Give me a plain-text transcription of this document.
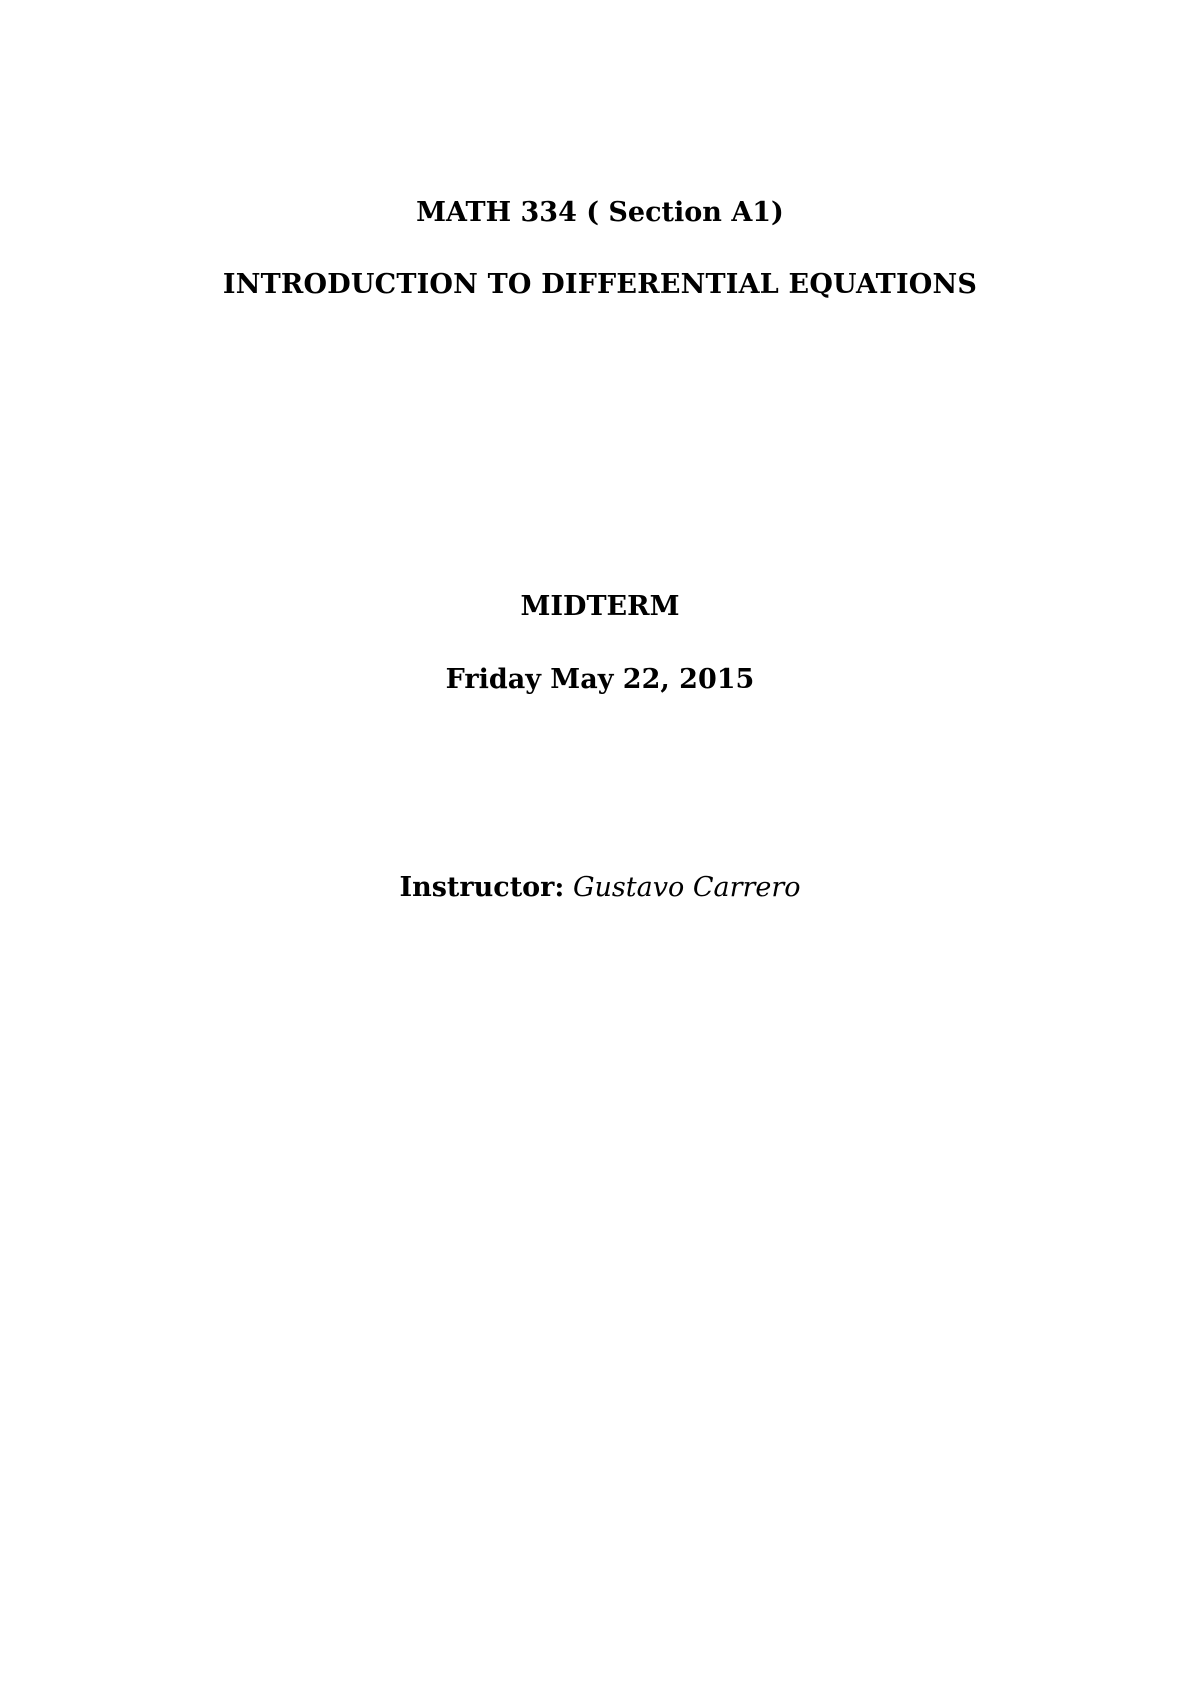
MATH 334 ( Section A1)
INTRODUCTION TO DIFFERENTIAL EQUATIONS
MIDTERM
Friday May 22, 2015
Instructor: Gustavo Carrero
